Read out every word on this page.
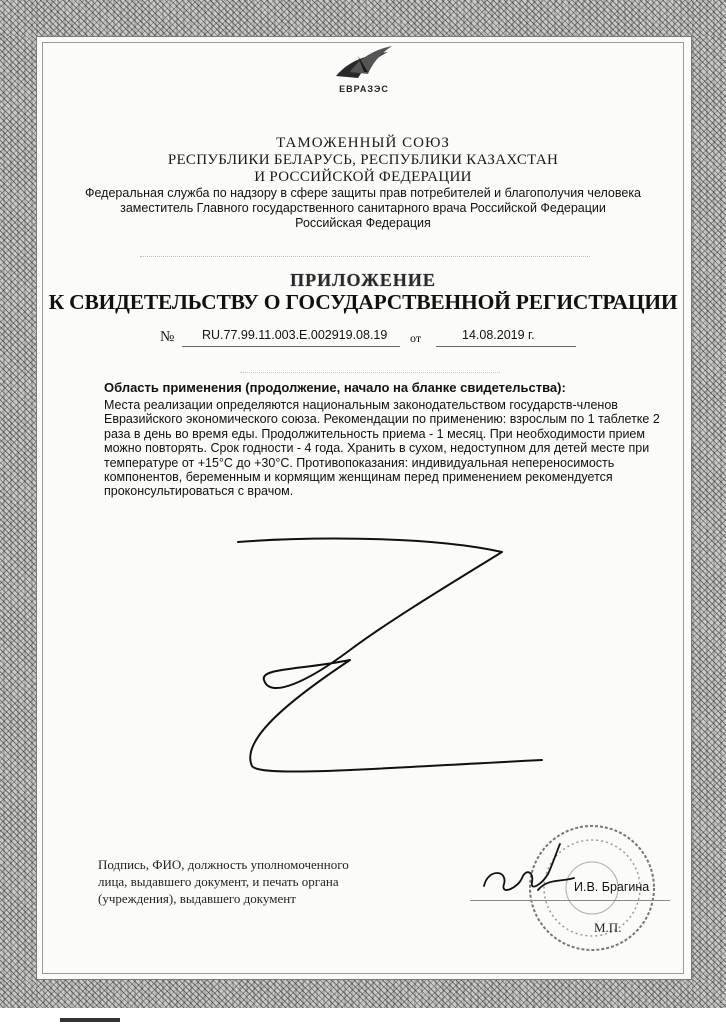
ЕВРАЗЭС
ТАМОЖЕННЫЙ СОЮЗ
РЕСПУБЛИКИ БЕЛАРУСЬ, РЕСПУБЛИКИ КАЗАХСТАН
И РОССИЙСКОЙ ФЕДЕРАЦИИ
Федеральная служба по надзору в сфере защиты прав потребителей и благополучия человека
заместитель Главного государственного санитарного врача Российской Федерации
Российская Федерация
ПРИЛОЖЕНИЕ
К СВИДЕТЕЛЬСТВУ О ГОСУДАРСТВЕННОЙ РЕГИСТРАЦИИ
№ RU.77.99.11.003.E.002919.08.19 от	14.08.2019 г.
Область применения (продолжение, начало на бланке свидетельства):
Места реализации определяются национальным законодательством государств-членов
Евразийского экономического союза. Рекомендации по применению: взрослым по 1 таблетке 2
раза в день во время еды. Продолжительность приема - 1 месяц. При необходимости прием
можно повторять. Срок годности - 4 года. Хранить в сухом, недоступном для детей месте при
температуре от +15°С до +30°С. Противопоказания: индивидуальная непереносимость
компонентов, беременным и кормящим женщинам перед применением рекомендуется
проконсультироваться с врачом.
Подпись, ФИО, должность уполномоченного
лица, выдавшего документ, и печать органа
(учреждения), выдавшего документ
И.В. Брагина
М.П.
